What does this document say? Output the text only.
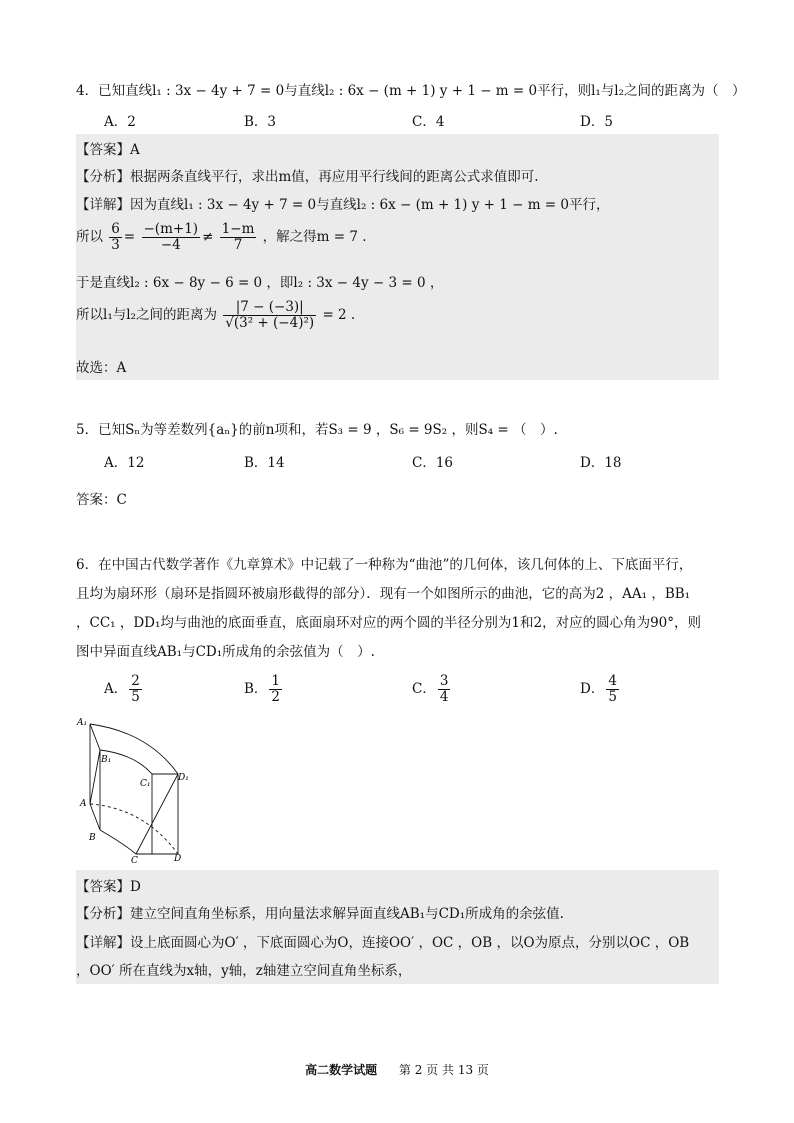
4．已知直线l₁ : 3x − 4y + 7 = 0与直线l₂ : 6x − (m + 1) y + 1 − m = 0平行，则l₁与l₂之间的距离为（　）
A．2	B．3	C．4	D．5
【答案】A
【分析】根据两条直线平行，求出m值，再应用平行线间的距离公式求值即可.
【详解】因为直线l₁ : 3x − 4y + 7 = 0与直线l₂ : 6x − (m + 1) y + 1 − m = 0平行，
所以 $\frac{6}{3} = \frac{-(m+1)}{-4} \ne \frac{1-m}{7}$ ，解之得m = 7 .
于是直线l₂ : 6x − 8y − 6 = 0 ，即l₂ : 3x − 4y − 3 = 0 ，
所以l₁与l₂之间的距离为 $\frac{|7 - (-3)|}{\text{√(3² + (−4)²)}} = 2$ .
故选：A
5．已知Sₙ为等差数列{aₙ}的前n项和，若S₃ = 9 ，S₆ = 9S₂ ，则S₄ = （　）.
A．12	B．14	C．16	D．18
答案：C
6．在中国古代数学著作《九章算术》中记载了一种称为“曲池”的几何体，该几何体的上、下底面平行，
且均为扇环形（扇环是指圆环被扇形截得的部分）．现有一个如图所示的曲池，它的高为2 ，AA₁ ，BB₁
，CC₁ ，DD₁均与曲池的底面垂直，底面扇环对应的两个圆的半径分别为1和2，对应的圆心角为90°，则
图中异面直线AB₁与CD₁所成角的余弦值为（　）.
A． $\frac{2}{5}$	B． $\frac{1}{2}$	C． $\frac{3}{4}$	D． $\frac{4}{5}$
A₁
B₁
C₁
D₁
A
B
C	D
【答案】D
【分析】建立空间直角坐标系，用向量法求解异面直线AB₁与CD₁所成角的余弦值.
【详解】设上底面圆心为O′ ，下底面圆心为O，连接OO′ ，OC ，OB ，以O为原点，分别以OC ，OB
，OO′ 所在直线为x轴，y轴，z轴建立空间直角坐标系，
高二数学试题 第 2 页 共 13 页
